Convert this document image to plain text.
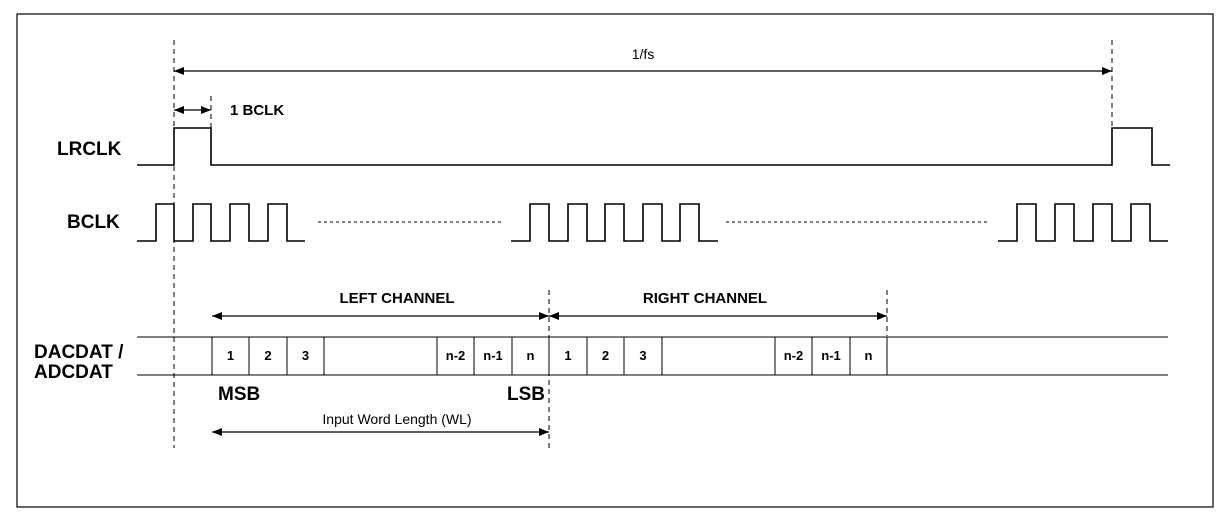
1/fs
1 BCLK
LRCLK
BCLK
DACDAT /
ADCDAT
LEFT CHANNEL	RIGHT CHANNEL
1 2 3	n-2 n-1 n 1 2 3	n-2 n-1 n
MSB	LSB
Input Word Length (WL)
